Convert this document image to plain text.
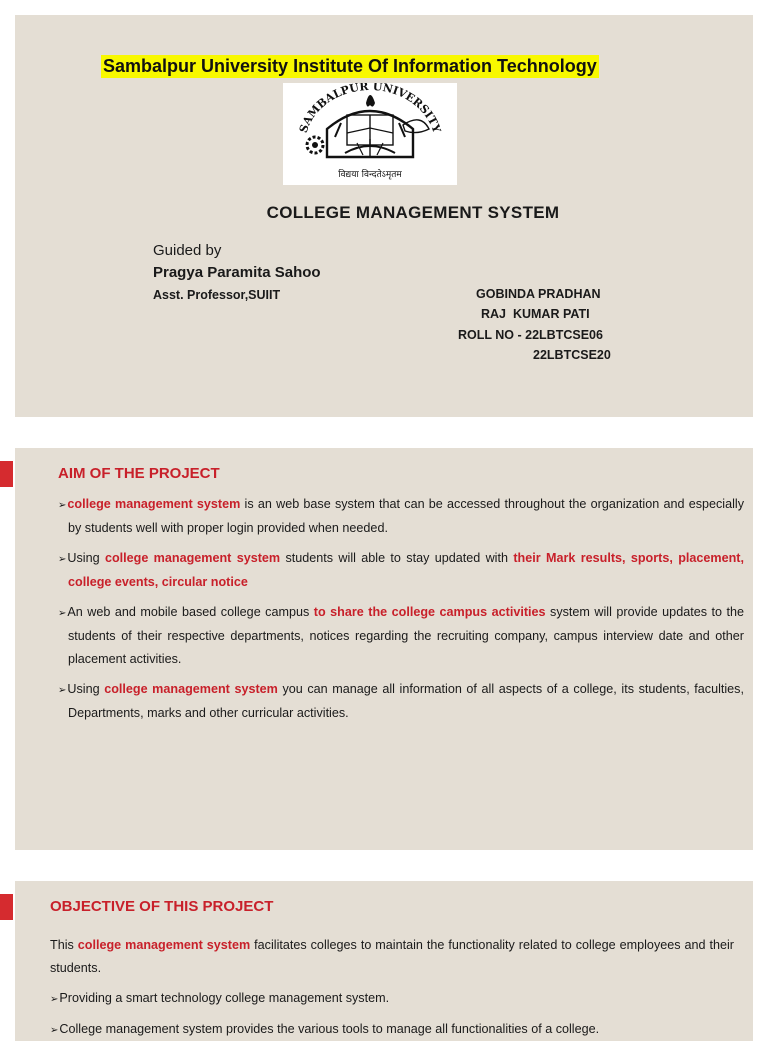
Sambalpur University Institute Of Information Technology
SAMBALPUR UNIVERSITY
विद्यया विन्दतेऽमृतम
COLLEGE MANAGEMENT SYSTEM
Guided by
Pragya Paramita Sahoo
Asst. Professor,SUIIT	GOBINDA PRADHAN
RAJ  KUMAR PATI
ROLL NO - 22LBTCSE06
22LBTCSE20
AIM OF THE PROJECT
➢college management system is an web base system that can be accessed throughout the organization and especially by students well with proper login provided when needed.
➢Using college management system students will able to stay updated with their Mark results, sports, placement, college events, circular notice
➢An web and mobile based college campus to share the college campus activities system will provide updates to the students of their respective departments, notices regarding the recruiting company, campus interview date and other placement activities.
➢Using college management system you can manage all information of all aspects of a college, its students, faculties, Departments, marks and other curricular activities.
OBJECTIVE OF THIS PROJECT
This college management system facilitates colleges to maintain the functionality related to college employees and their students.
➢Providing a smart technology college management system.
➢College management system provides the various tools to manage all functionalities of a college.
